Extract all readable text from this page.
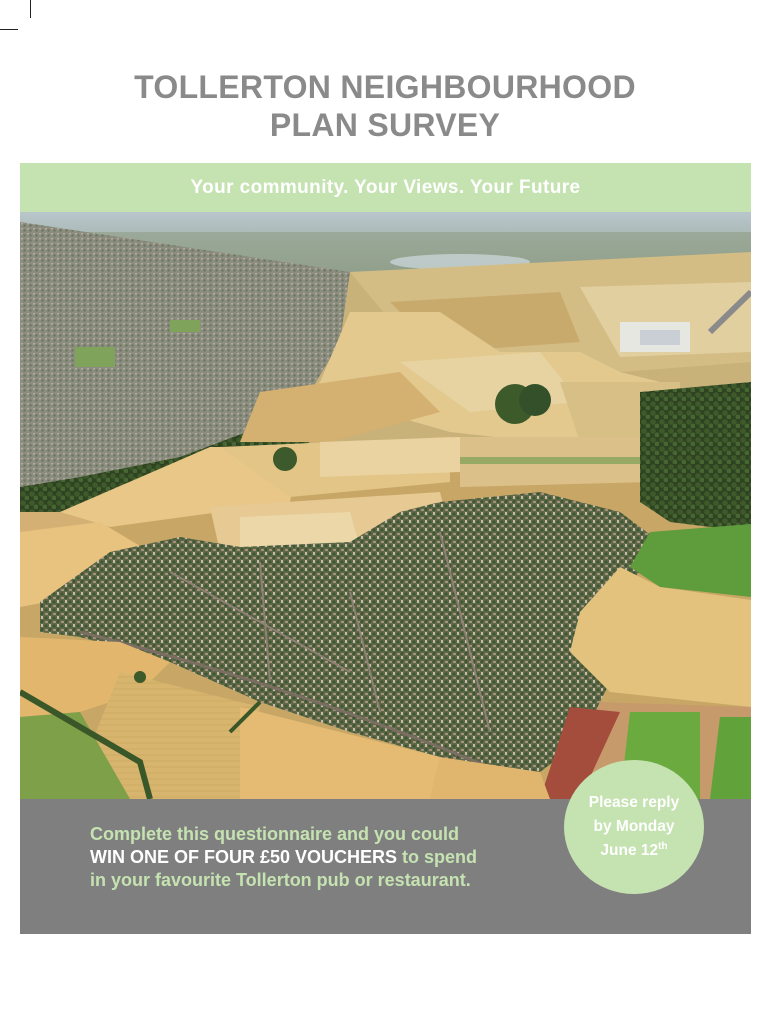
TOLLERTON NEIGHBOURHOOD
PLAN SURVEY
Your community. Your Views. Your Future
Complete this questionnaire and you could
WIN ONE OF FOUR £50 VOUCHERS to spend
in your favourite Tollerton pub or restaurant.
Please reply
by Monday
June 12th
